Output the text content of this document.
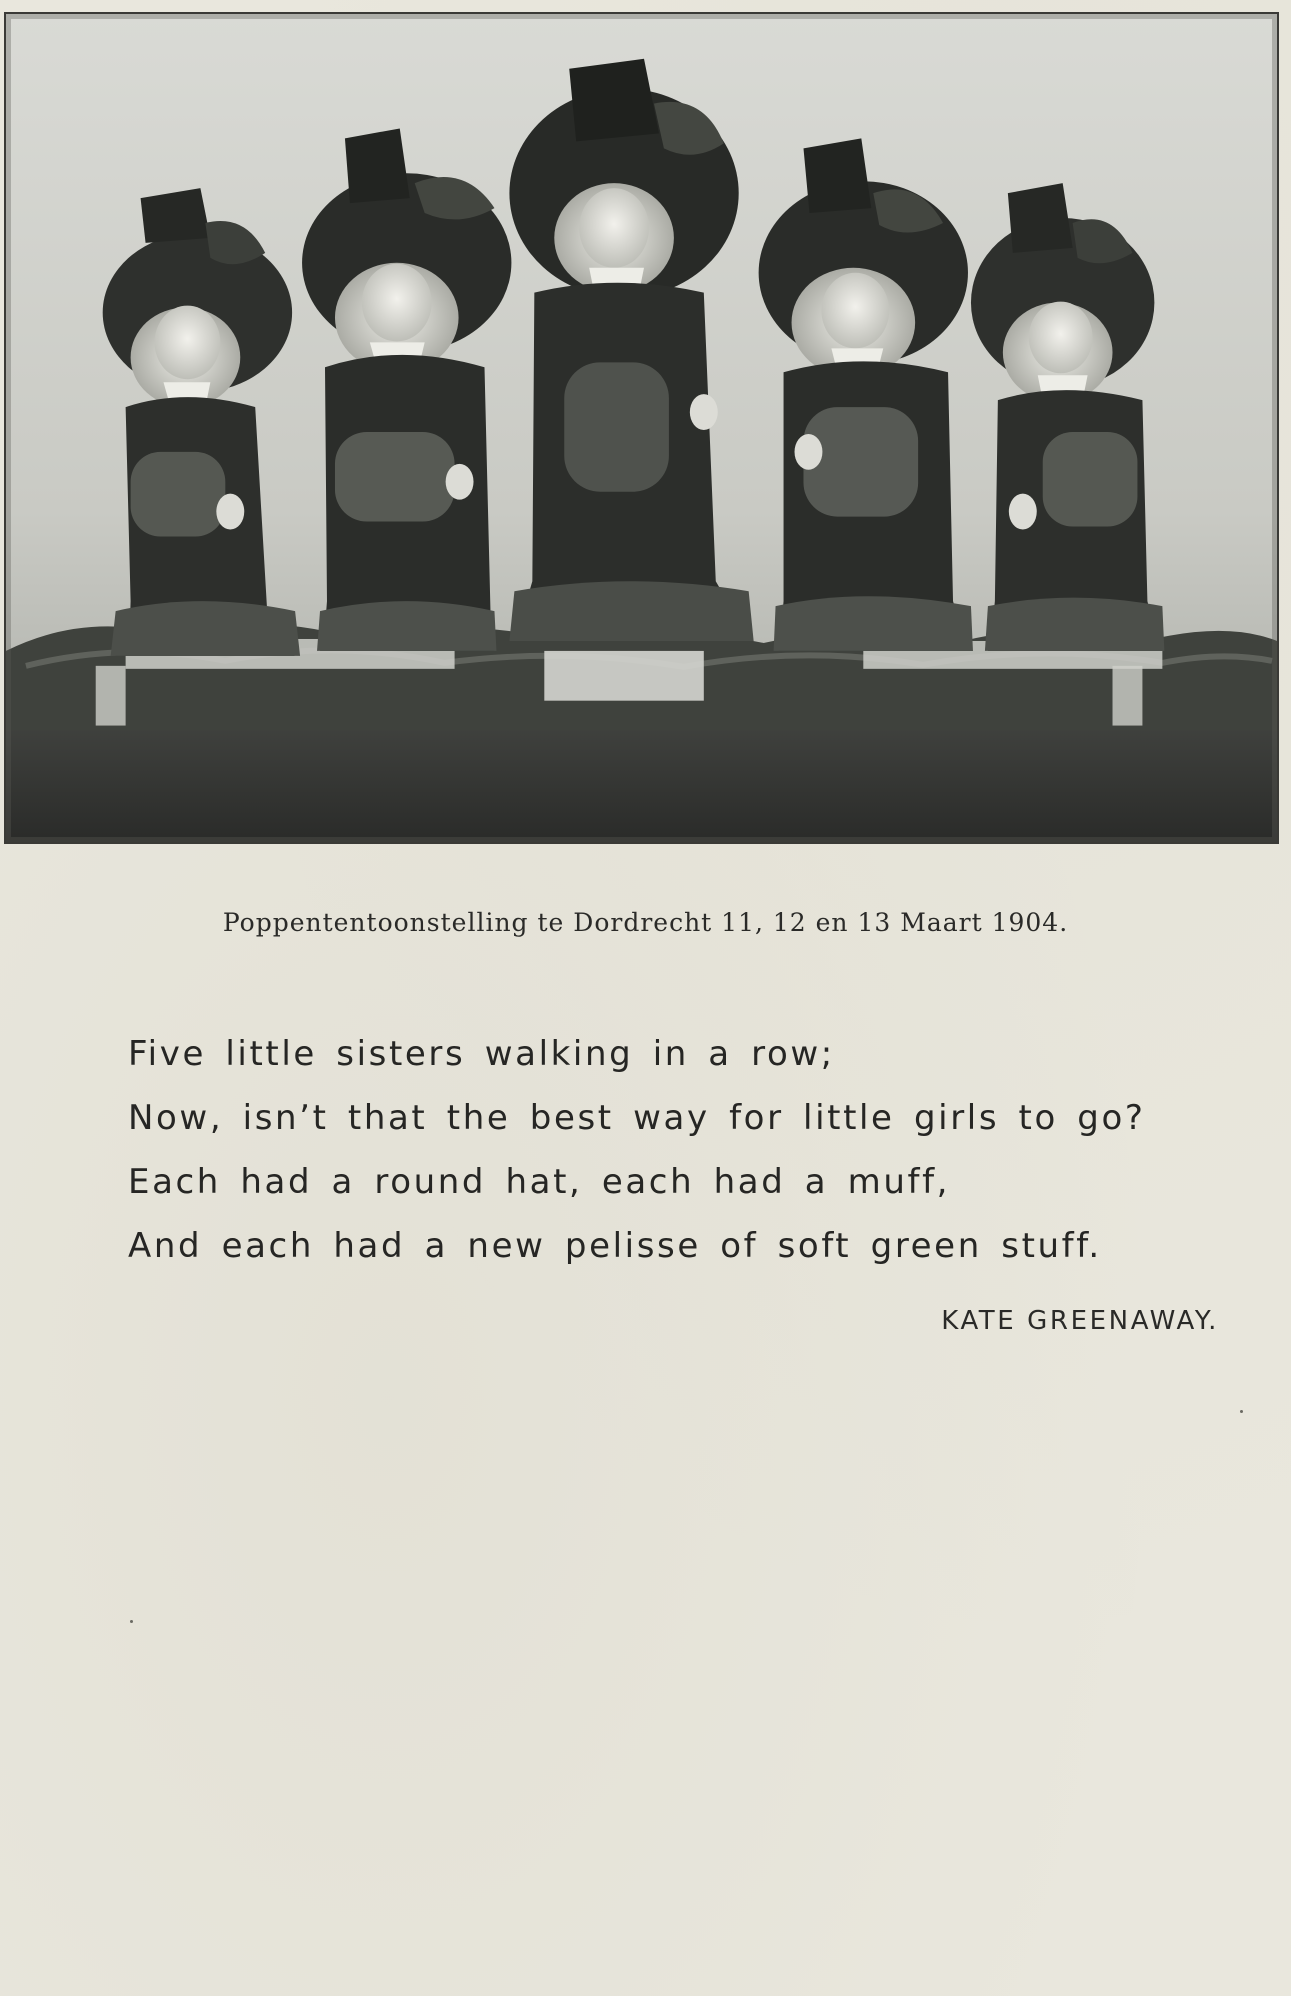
Poppententoonstelling te Dordrecht 11, 12 en 13 Maart 1904.
Five little sisters walking in a row;
Now, isn’t that the best way for little girls to go?
Each had a round hat, each had a muff,
And each had a new pelisse of soft green stuff.
KATE GREENAWAY.
